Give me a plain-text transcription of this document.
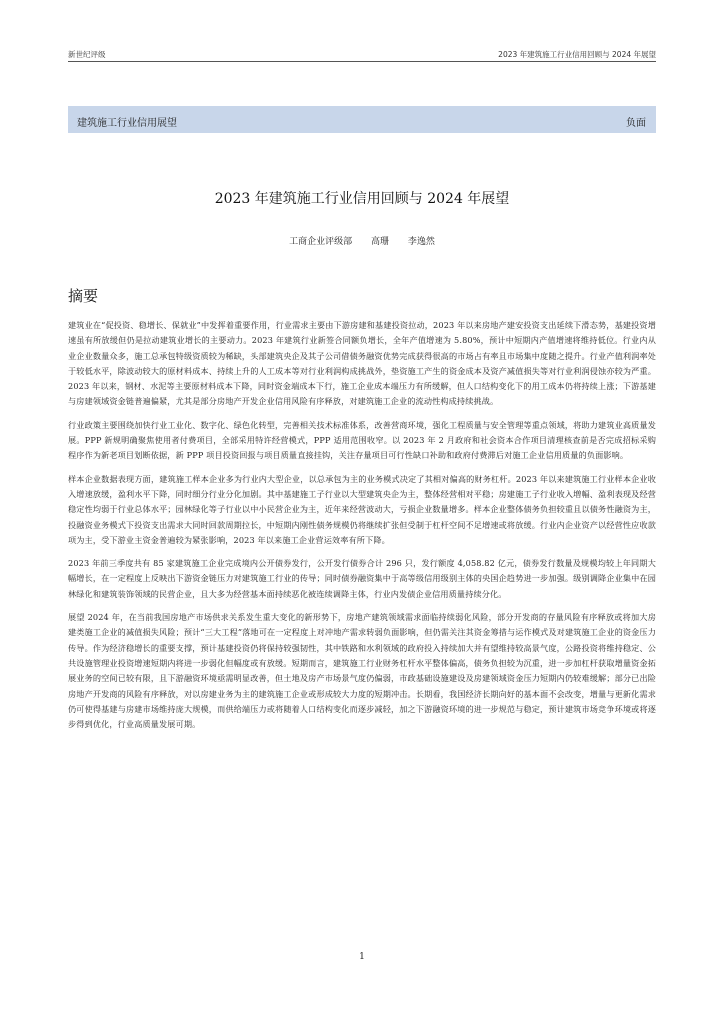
新世纪评级	2023 年建筑施工行业信用回顾与 2024 年展望
建筑施工行业信用展望	负面
2023 年建筑施工行业信用回顾与 2024 年展望
工商企业评级部 高珊 李逸然
摘要

建筑业在“促投资、稳增长、保就业”中发挥着重要作用，行业需求主要由下游房建和基建投资拉动，2023 年以来房地产建安投资支出延续下滑态势，基建投资增速虽有所放缓但仍是拉动建筑业增长的主要动力。2023 年建筑行业新签合同额负增长，全年产值增速为 5.80%，预计中短期内产值增速将维持低位。行业内从业企业数量众多，施工总承包特级资质较为稀缺，头部建筑央企及其子公司借债务融资优势完成获得很高的市场占有率且市场集中度随之提升。行业产值利润率处于较低水平，除波动较大的原材料成本、持续上升的人工成本等对行业利润构成挑战外，垫资施工产生的资金成本及资产减值损失等对行业利润侵蚀亦较为严重。2023 年以来，钢材、水泥等主要原材料成本下降，同时资金端成本下行，施工企业成本端压力有所缓解，但人口结构变化下的用工成本仍将持续上涨；下游基建与房建领域资金链普遍偏紧，尤其是部分房地产开发企业信用风险有序释放，对建筑施工企业的流动性构成持续挑战。

行业政策主要围绕加快行业工业化、数字化、绿色化转型，完善相关技术标准体系，改善营商环境，强化工程质量与安全管理等重点领域，将助力建筑业高质量发展。PPP 新规明确聚焦使用者付费项目，全部采用特许经营模式，PPP 适用范围收窄。以 2023 年 2 月政府和社会资本合作项目清理核查前是否完成招标采购程序作为新老项目划断依据，新 PPP 项目投资回报与项目质量直接挂钩，关注存量项目可行性缺口补助和政府付费滞后对施工企业信用质量的负面影响。

样本企业数据表现方面，建筑施工样本企业多为行业内大型企业，以总承包为主的业务模式决定了其相对偏高的财务杠杆。2023 年以来建筑施工行业样本企业收入增速放缓，盈利水平下降，同时细分行业分化加剧。其中基建施工子行业以大型建筑央企为主，整体经营相对平稳；房建施工子行业收入増幅、盈利表现及经营稳定性均弱于行业总体水平；园林绿化等子行业以中小民营企业为主，近年来经营波动大，亏损企业数量增多。样本企业整体债务负担较重且以债务性融资为主，投融资业务模式下投资支出需求大同时回款周期拉长，中短期内刚性债务规模仍将继续扩张但受制于杠杆空间不足增速或将放缓。行业内企业资产以经营性应收款项为主，受下游业主资金普遍较为紧张影响，2023 年以来施工企业营运效率有所下降。

2023 年前三季度共有 85 家建筑施工企业完成境内公开债券发行，公开发行债券合计 296 只，发行额度 4,058.82 亿元，债券发行数量及规模均较上年同期大幅增长，在一定程度上反映出下游资金链压力对建筑施工行业的传导；同时债券融资集中于高等级信用级别主体的央国企趋势进一步加强。级别调降企业集中在园林绿化和建筑装饰领域的民营企业，且大多为经营基本面持续恶化被连续调降主体，行业内发债企业信用质量持续分化。

展望 2024 年，在当前我国房地产市场供求关系发生重大变化的新形势下，房地产建筑领域需求面临持续弱化风险，部分开发商的存量风险有序释放或将加大房建类施工企业的减值损失风险；预计“三大工程”落地可在一定程度上对冲地产需求转弱负面影响，但仍需关注其资金筹措与运作模式及对建筑施工企业的资金压力传导。作为经济稳增长的重要支撑，预计基建投资仍将保持较强韧性，其中铁路和水利领域的政府投入持续加大并有望维持较高景气度，公路投资将维持稳定、公共设施管理业投资增速短期内将进一步弱化但幅度或有放缓。短期而言，建筑施工行业财务杠杆水平整体偏高，债务负担较为沉重，进一步加杠杆获取增量资金拓展业务的空间已较有限，且下游融资环境亟需明显改善，但土地及房产市场景气度仍偏弱，市政基础设施建设及房建领域资金压力短期内仍较难缓解；部分已出险房地产开发商的风险有序释放，对以房建业务为主的建筑施工企业或形成较大力度的短期冲击。长期看，我国经济长期向好的基本面不会改变，增量与更新化需求仍可使得基建与房建市场维持庞大规模，而供给端压力或将随着人口结构变化而逐步减轻，加之下游融资环境的进一步规范与稳定，预计建筑市场竞争环境或将逐步得到优化，行业高质量发展可期。

1
